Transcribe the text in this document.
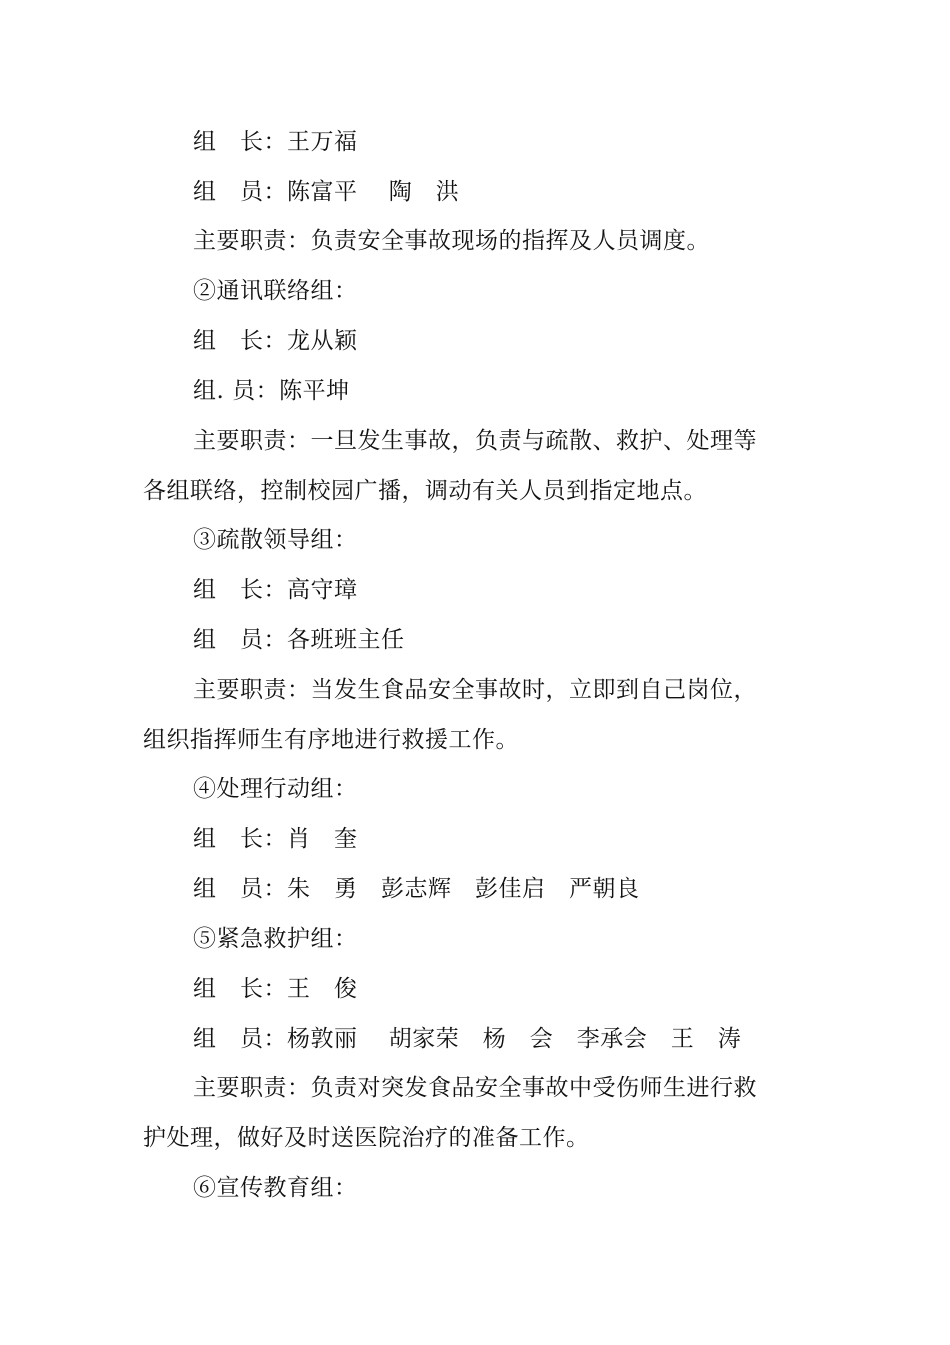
组　长：王万福
组　员：陈富平　 陶　洪
主要职责：负责安全事故现场的指挥及人员调度。
②通讯联络组：
组　长：龙从颖
组. 员：陈平坤
主要职责：一旦发生事故，负责与疏散、救护、处理等
各组联络，控制校园广播，调动有关人员到指定地点。
③疏散领导组：
组　长：高守璋
组　员：各班班主任
主要职责：当发生食品安全事故时，立即到自己岗位，
组织指挥师生有序地进行救援工作。
④处理行动组：
组　长：肖　奎
组　员：朱　勇　彭志辉　彭佳启　严朝良
⑤紧急救护组：
组　长：王　俊
组　员：杨敦丽　 胡家荣　杨　会　李承会　王　涛
主要职责：负责对突发食品安全事故中受伤师生进行救
护处理，做好及时送医院治疗的准备工作。
⑥宣传教育组：
